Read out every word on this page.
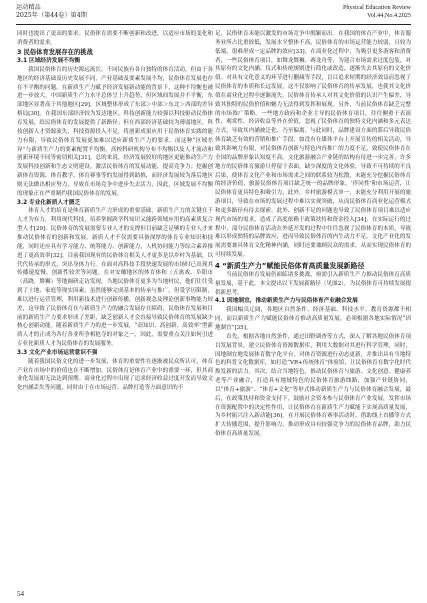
运动精品
2025年（第44卷）第4期
Physical Education Review
Vol.44,No.4.2025

同时也提出了更高的要求。民俗体育需要不断创新和改进，以适应市场的变化和消费者的需求。

3 民俗体育发展存在的挑战
3.1 区域经济发展不均衡

我国民俗体育的历史源远流长，不同民族有各自独特的体育活动，但由于各地区的经济基础及历史发展不同，产业基础及要素发展不均，民俗体育发展也存在不平衡的问题。在新质生产力赋予经济发展新动能的背景下，这种不均衡也被进一步放大。中国新质生产力水平总体呈上升趋势，但区域间发展并不平衡，东部地区显著高于其他地区[29]。区域整体形成了东部＞中部＞东北＞西部的差异格局[30]。在我国东部经济较为发达地区，科技创新能力较强以科技驱动民俗体育发展，给民俗体育的发展提供了新路径；但在西部经济基础较为薄弱地区，科技创新人才资源流失，科技资源投入不足，将创新成果应用于民俗体育实践的能力有限，导致民俗体育发展更加难以适应新质生产力的要求。而这种“区域差异”与新质生产力的要素配置不均衡，高校科研机构分布不均衡以及人才流动和创新环境不同等密切相关[31]，总的来说，经济发展较好的地区更能推动生产力发展科技创新和生态文明建设，激活民俗体育的发展动能，提高竞争力；挖掘创新体育资源，体育教学、体育赛事等的发展得到助推，而经济发展较为落后地区则无法做出相应努力，导致在市场竞争中进步失去活力，因此，区域发展不均衡的现象正在严重制约我国民俗体育的发展。

3.2 专业化新质人才匮乏

体育人才的培育是体育新质生产力形成的重要基础，新质生产力的关键在于人才为有力，利用现代科技，培养掌握跨学科知识又能跨领域应用的高素质复合型人才[29]。民俗体育的发展需要专业人才的支撑但目前缺乏足够的专业人才来推动民俗体育的创新和发展。新质人才不仅需要具备深厚的体育专业知识和技能，同时还应具有学习能力、统筹能力、创新能力，人机协同能力等综合素养推进了更高效率[32]。目前我国现有的民俗体育相关人才更多是以乡村为基础，以代代传承的形式，突出身体力行。在面对高科技手段快速发展的市场时已出现其传播速度慢、创新性较差等问题。在对安徽地区的体育体和（五禽戏、阜阳市（高跷、舞狮）等地调研走访发现，当地民俗体育更多为当地村民，他们往往受到了土地、家庭等现实因素，虽然能够完成基本的传承与推广，但受学历限制，难以进行运营管理、利用新技术进行创新传播，创新观念及理论创新事物能力较差，这导致了民俗体育在与新质生产力的融合发展存在障碍，民俗体育发展和目前的新质生产力要求形成了差距，缺乏创新人才会直接导致民俗体育的发展缺少核心创新动能。随着新质生产力的进一步发展，“高知识、高创新、高效率”型新质人才的正成为各行各业所争相抢夺的对象之一，因此，需要重点关注如何引进专业化新质人才为民俗体育的发展服务。

3.3 文化产业市场运营意识不强

随着我国民俗文化的进一步发展，体育的重要性在逐渐被民众所认可，体育产业在市场中的价值也在不断增加。民俗体育是体育产业中的重要一环，但其商业化发展却无法达到预期。商业化过程中出现了追求经济收益过度开发而导致文化内涵丢失等问题，同时由于在市场运营、品牌打造等方面意识的不

足，民俗体育未能以激发的市场竞争中脱颖而出。在我国的体育产业中，体育服务业所占比重较低，发展水平整体不高，民俗体育的市场运营能力较弱，且较为低端，很难形成一定品牌的效应[33]。在商业化过程中，为吸引更多游客和消费者，一些民俗体育项目，如舞龙舞狮、赛龙舟等，为迎合市场需求过度包装，对其原有的文化内涵、仪式和传统规则进行简化或改造，逐渐失去其原有的文化价值。对具有文化意义的环节进行删减等手段，盲目追求短期的经济效益而忽视了民俗体育的本质和长远发展，这不仅影响了民俗体育的传承发展，也使其文化价值在商业化过程中逐渐流失。民俗体育传承人对其文化价值的认识产生偏差，导致其独特的民俗价值和魅力无法得到发挥和展现。另外，当前民俗体育缺乏完整的市场推广策略。一些地方政府和企业主导的民俗体育项目，往往侧重于表演性、观赏性、经济收益等外在价值，忽视了民俗体育的独特文化内涵和多元表达方式，导致其内涵被泛化、乃至偏离。与此同时，品牌建设方面的滞后导致民俗体育缺乏有效的营销和推广手段，如没有在媒体平台上开展宣传的相关活动，导致其影响力有限，对民俗体育创新与特色内容推广的力度不足，致使民俗体育在全国的品牌形象认知度不高。文化旅游融合产业链的结构有待进一步完善，许多地方的民俗体育旅游只停留于表面，缺少深度的文化体验，导致不可持续的不良后果，使体育文化产业和市场需求之间的联系较为松散，未能充分挖掘民俗体育的经济价值，旅游民俗体育项目缺乏统一的品牌形象，‘伴同性’和市场运营，让民俗体育更具特色和吸引力，此外，乡村旅游模式单一，未能充分利用开展的旅游项目，导致在市场的发展过程中难以实现突破，从而民俗体育商业化运营模式和更多路径有待去探索。此外，创新不足的问题也导致了民俗体育项目难以适应现代市场的需求，造成了高度依赖于政策扶持和资金投入[34]。在实际运行的过程中，部分民俗体育活动在外延开发的过程中往往忽视了民俗体育的本质，导致难以形成独特的品牌效应，进而导致民俗体育的内生动力不足。文化产业化的发展需要兼具体育文化精神内涵，同时还要兼顾民众的需求，从而实现民俗体育的可持续发展。

4 “新质生产力”赋能民俗体育高质量发展新路径

当前民俗体育发展仍面临诸多挑战，亟需引入新质生产力推动民俗体育高质量发展，基于此，本文提出以下发展新路径（见图2），为民俗体育可持续发展提供新思考。

4.1 因地制宜，推动新质生产力与民俗体育产业融合发展

我国幅员辽阔，各地区自然条件、经济基础、科技水平、教育资源都不相同，而以新质生产力赋能民俗体育推动高质量发展，必须根据各地实际情况“因地制宜”[35]。

首先，根据各地自然条件，通过田野调查等方式，深入了解各地民俗体育项目发展背景，建立民俗体育资源数据库，利用大数据对其进行科学管理，同时，因地制宜地发展体育数字化平台，对体育资源进行动态更新，并推出具有当地特色的科普文化数据库，如打造“VR+传统体育”体验馆，让民俗体育在数字化时代焕发新的活力。其次，结合当地特色，推动民俗体育与旅游、文化创意、健康养老等产业融合，打造具有地域特色的民俗体育旅游线路，加强产业链协同，以“体育+旅游”、“体育+文化”等形式推动新质生产力与民俗体育融合发展，最后，在政策扶持和资金支持下，鼓励社会资本参与民俗体育产业发展，发挥市场在资源配置中的决定性作用，让民俗体育在新质生产力赋能下实现高质量发展，为乡村振兴注入新动能[36]。在开展民俗体育赛事活动时，借助线上直播等方式扩大传播范围，提升影响力，推动形成具有较强竞争力的民俗体育品牌，助力民俗体育高质量发展。

54
